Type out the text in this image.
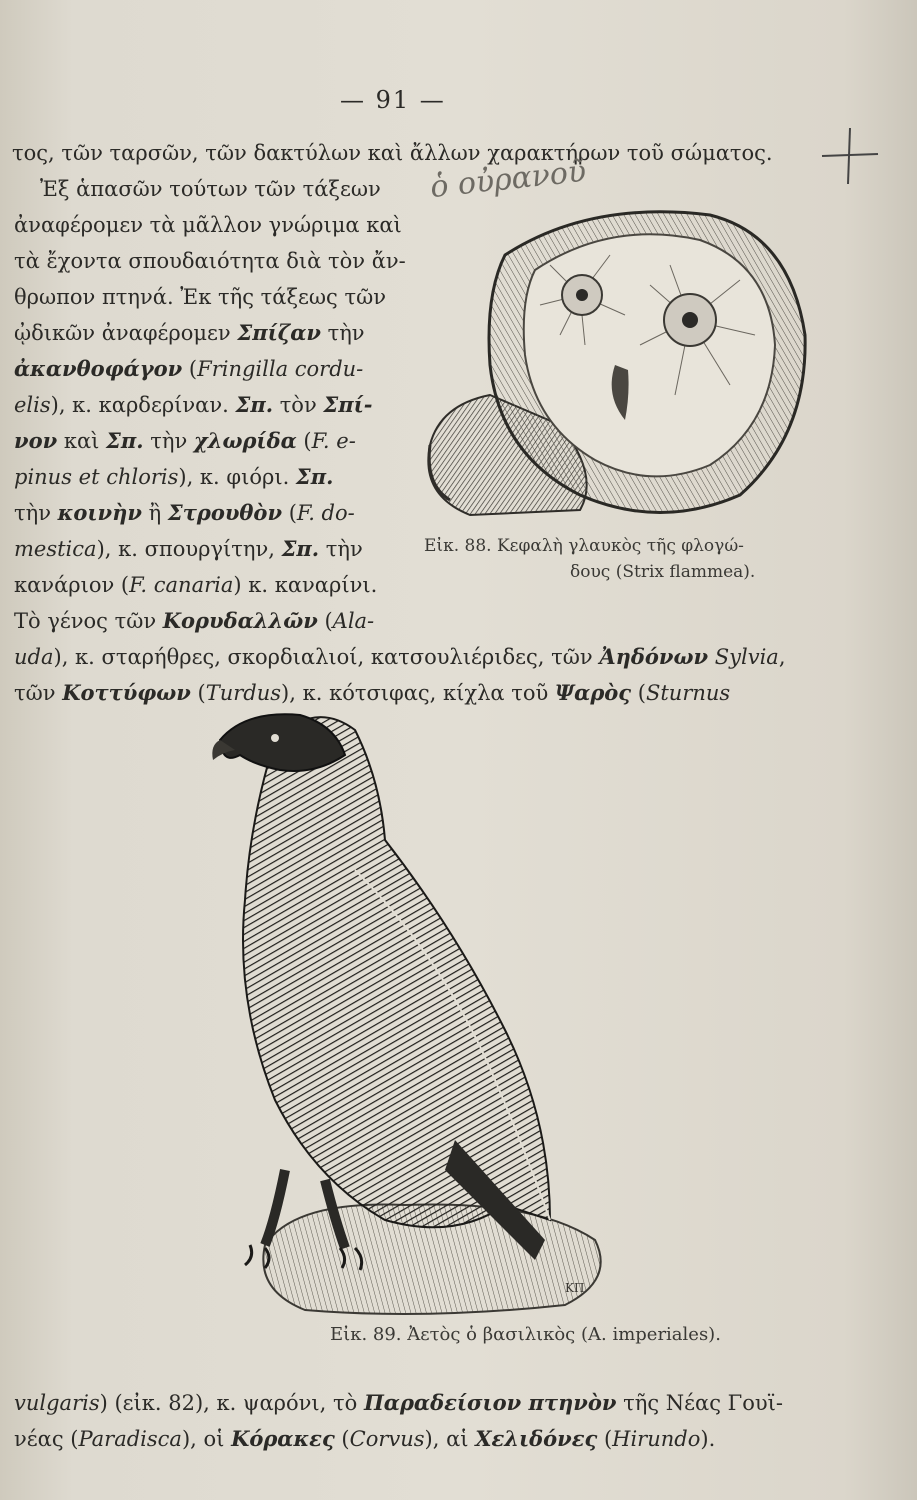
— 91 —
τος, τῶν ταρσῶν, τῶν δακτύλων καὶ ἄλλων χαρακτήρων τοῦ σώματος.
Ἐξ ἁπασῶν τούτων τῶν τάξεων
ἀναφέρομεν τὰ μᾶλλον γνώριμα καὶ
τὰ ἔχοντα σπουδαιότητα διὰ τὸν ἄν-
θρωπον πτηνά. Ἐκ τῆς τάξεως τῶν
ᾠδικῶν ἀναφέρομεν Σπίζαν τὴν
ἀκανθοφάγον (Fringilla cordu-
elis), κ. καρδερίναν. Σπ. τὸν Σπί-
νον καὶ Σπ. τὴν χλωρίδα (F. e-
pinus et chloris), κ. φιόρι. Σπ.
τὴν κοινὴν ἢ Στρουθὸν (F. do-
mestica), κ. σπουργίτην, Σπ. τὴν
κανάριον (F. canaria) κ. καναρίνι.
Τὸ γένος τῶν Κορυδαλλῶν (Ala-
uda), κ. σταρήθρες, σκορδιαλιοί, κατσουλιέριδες, τῶν Ἀηδόνων Sylvia,
τῶν Κοττύφων (Turdus), κ. κότσιφας, κίχλα τοῦ Ψαρὸς (Sturnus
ὁ οὐρανοῦ
Εἰκ. 88. Κεφαλὴ γλαυκὸς τῆς φλογώ-
δους (Strix flammea).
ΚΠ
Εἰκ. 89. Ἀετὸς ὁ βασιλικὸς (A. imperiales).
vulgaris) (εἰκ. 82), κ. ψαρόνι, τὸ Παραδείσιον πτηνὸν τῆς Νέας Γουϊ-
νέας (Paradisca), οἱ Κόρακες (Corvus), αἱ Χελιδόνες (Hirundo).
